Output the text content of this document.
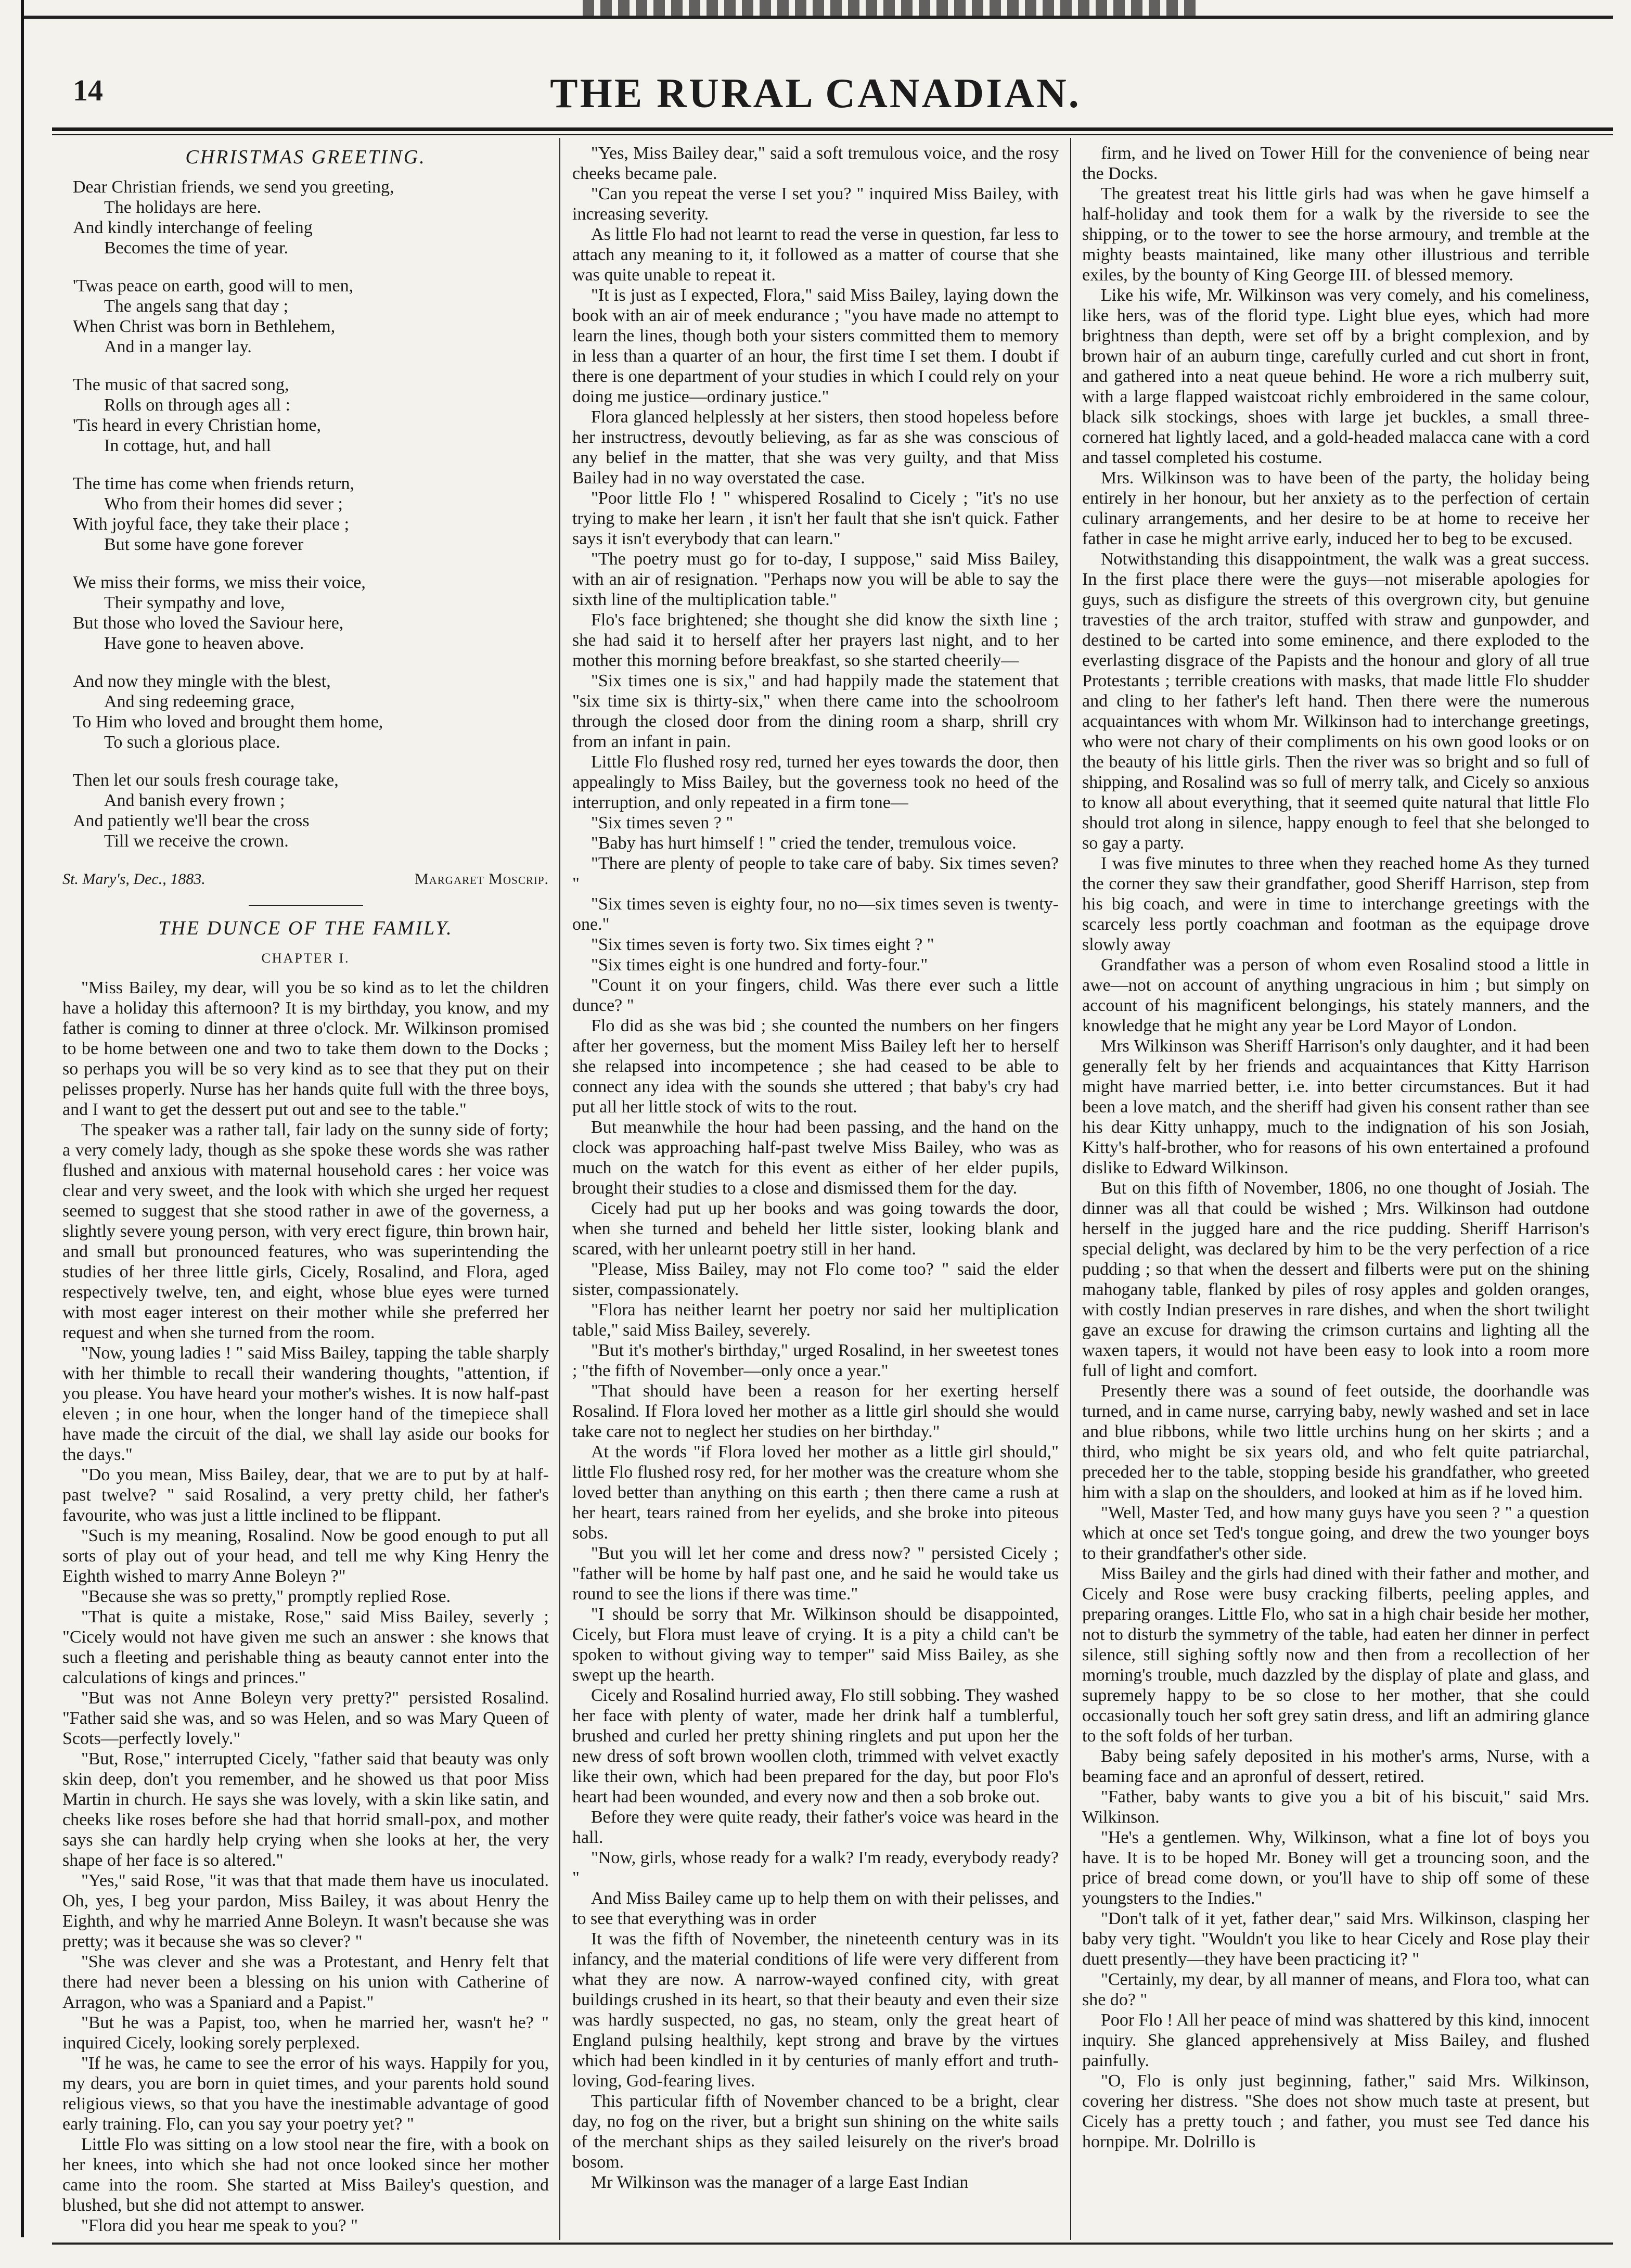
14	THE RURAL CANADIAN.
CHRISTMAS GREETING.

Dear Christian friends, we send you greeting,

The holidays are here.

And kindly interchange of feeling

Becomes the time of year.

'Twas peace on earth, good will to men,

The angels sang that day ;

When Christ was born in Bethlehem,

And in a manger lay.

The music of that sacred song,

Rolls on through ages all :

'Tis heard in every Christian home,

In cottage, hut, and hall

The time has come when friends return,

Who from their homes did sever ;

With joyful face, they take their place ;

But some have gone forever

We miss their forms, we miss their voice,

Their sympathy and love,

But those who loved the Saviour here,

Have gone to heaven above.

And now they mingle with the blest,

And sing redeeming grace,

To Him who loved and brought them home,

To such a glorious place.

Then let our souls fresh courage take,

And banish every frown ;

And patiently we'll bear the cross

Till we receive the crown.

St. Mary's, Dec., 1883.	Margaret Moscrip.
THE DUNCE OF THE FAMILY.
CHAPTER I.

"Miss Bailey, my dear, will you be so kind as to let the children have a holiday this afternoon? It is my birthday, you know, and my father is coming to dinner at three o'clock. Mr. Wilkinson promised to be home between one and two to take them down to the Docks ; so perhaps you will be so very kind as to see that they put on their pelisses properly. Nurse has her hands quite full with the three boys, and I want to get the dessert put out and see to the table."

The speaker was a rather tall, fair lady on the sunny side of forty; a very comely lady, though as she spoke these words she was rather flushed and anxious with maternal household cares : her voice was clear and very sweet, and the look with which she urged her request seemed to suggest that she stood rather in awe of the governess, a slightly severe young person, with very erect figure, thin brown hair, and small but pronounced features, who was superintending the studies of her three little girls, Cicely, Rosalind, and Flora, aged respectively twelve, ten, and eight, whose blue eyes were turned with most eager interest on their mother while she preferred her request and when she turned from the room.

"Now, young ladies ! " said Miss Bailey, tapping the table sharply with her thimble to recall their wandering thoughts, "attention, if you please. You have heard your mother's wishes. It is now half-past eleven ; in one hour, when the longer hand of the timepiece shall have made the circuit of the dial, we shall lay aside our books for the days."

"Do you mean, Miss Bailey, dear, that we are to put by at half-past twelve? " said Rosalind, a very pretty child, her father's favourite, who was just a little inclined to be flippant.

"Such is my meaning, Rosalind. Now be good enough to put all sorts of play out of your head, and tell me why King Henry the Eighth wished to marry Anne Boleyn ?"

"Because she was so pretty," promptly replied Rose.

"That is quite a mistake, Rose," said Miss Bailey, severly ; "Cicely would not have given me such an answer : she knows that such a fleeting and perishable thing as beauty cannot enter into the calculations of kings and princes."

"But was not Anne Boleyn very pretty?" persisted Rosalind. "Father said she was, and so was Helen, and so was Mary Queen of Scots—perfectly lovely."

"But, Rose," interrupted Cicely, "father said that beauty was only skin deep, don't you remember, and he showed us that poor Miss Martin in church. He says she was lovely, with a skin like satin, and cheeks like roses before she had that horrid small-pox, and mother says she can hardly help crying when she looks at her, the very shape of her face is so altered."

"Yes," said Rose, "it was that that made them have us inoculated. Oh, yes, I beg your pardon, Miss Bailey, it was about Henry the Eighth, and why he married Anne Boleyn. It wasn't because she was pretty; was it because she was so clever? "

"She was clever and she was a Protestant, and Henry felt that there had never been a blessing on his union with Catherine of Arragon, who was a Spaniard and a Papist."

"But he was a Papist, too, when he married her, wasn't he? " inquired Cicely, looking sorely perplexed.

"If he was, he came to see the error of his ways. Happily for you, my dears, you are born in quiet times, and your parents hold sound religious views, so that you have the inestimable advantage of good early training. Flo, can you say your poetry yet? "

Little Flo was sitting on a low stool near the fire, with a book on her knees, into which she had not once looked since her mother came into the room. She started at Miss Bailey's question, and blushed, but she did not attempt to answer.

"Flora did you hear me speak to you? "

"Yes, Miss Bailey dear," said a soft tremulous voice, and the rosy cheeks became pale.

"Can you repeat the verse I set you? " inquired Miss Bailey, with increasing severity.

As little Flo had not learnt to read the verse in question, far less to attach any meaning to it, it followed as a matter of course that she was quite unable to repeat it.

"It is just as I expected, Flora," said Miss Bailey, laying down the book with an air of meek endurance ; "you have made no attempt to learn the lines, though both your sisters committed them to memory in less than a quarter of an hour, the first time I set them. I doubt if there is one department of your studies in which I could rely on your doing me justice—ordinary justice."

Flora glanced helplessly at her sisters, then stood hopeless before her instructress, devoutly believing, as far as she was conscious of any belief in the matter, that she was very guilty, and that Miss Bailey had in no way overstated the case.

"Poor little Flo ! " whispered Rosalind to Cicely ; "it's no use trying to make her learn , it isn't her fault that she isn't quick. Father says it isn't everybody that can learn."

"The poetry must go for to-day, I suppose," said Miss Bailey, with an air of resignation. "Perhaps now you will be able to say the sixth line of the multiplication table."

Flo's face brightened; she thought she did know the sixth line ; she had said it to herself after her prayers last night, and to her mother this morning before breakfast, so she started cheerily—

"Six times one is six," and had happily made the statement that "six time six is thirty-six," when there came into the schoolroom through the closed door from the dining room a sharp, shrill cry from an infant in pain.

Little Flo flushed rosy red, turned her eyes towards the door, then appealingly to Miss Bailey, but the governess took no heed of the interruption, and only repeated in a firm tone—

"Six times seven ? "

"Baby has hurt himself ! " cried the tender, tremulous voice.

"There are plenty of people to take care of baby. Six times seven? "

"Six times seven is eighty four, no no—six times seven is twenty-one."

"Six times seven is forty two. Six times eight ? "

"Six times eight is one hundred and forty-four."

"Count it on your fingers, child. Was there ever such a little dunce? "

Flo did as she was bid ; she counted the numbers on her fingers after her governess, but the moment Miss Bailey left her to herself she relapsed into incompetence ; she had ceased to be able to connect any idea with the sounds she uttered ; that baby's cry had put all her little stock of wits to the rout.

But meanwhile the hour had been passing, and the hand on the clock was approaching half-past twelve Miss Bailey, who was as much on the watch for this event as either of her elder pupils, brought their studies to a close and dismissed them for the day.

Cicely had put up her books and was going towards the door, when she turned and beheld her little sister, looking blank and scared, with her unlearnt poetry still in her hand.

"Please, Miss Bailey, may not Flo come too? " said the elder sister, compassionately.

"Flora has neither learnt her poetry nor said her multiplication table," said Miss Bailey, severely.

"But it's mother's birthday," urged Rosalind, in her sweetest tones ; "the fifth of November—only once a year."

"That should have been a reason for her exerting herself Rosalind. If Flora loved her mother as a little girl should she would take care not to neglect her studies on her birthday."

At the words "if Flora loved her mother as a little girl should," little Flo flushed rosy red, for her mother was the creature whom she loved better than anything on this earth ; then there came a rush at her heart, tears rained from her eyelids, and she broke into piteous sobs.

"But you will let her come and dress now? " persisted Cicely ; "father will be home by half past one, and he said he would take us round to see the lions if there was time."

"I should be sorry that Mr. Wilkinson should be disappointed, Cicely, but Flora must leave of crying. It is a pity a child can't be spoken to without giving way to temper" said Miss Bailey, as she swept up the hearth.

Cicely and Rosalind hurried away, Flo still sobbing. They washed her face with plenty of water, made her drink half a tumblerful, brushed and curled her pretty shining ringlets and put upon her the new dress of soft brown woollen cloth, trimmed with velvet exactly like their own, which had been prepared for the day, but poor Flo's heart had been wounded, and every now and then a sob broke out.

Before they were quite ready, their father's voice was heard in the hall.

"Now, girls, whose ready for a walk? I'm ready, everybody ready? "

And Miss Bailey came up to help them on with their pelisses, and to see that everything was in order

It was the fifth of November, the nineteenth century was in its infancy, and the material conditions of life were very different from what they are now. A narrow-wayed confined city, with great buildings crushed in its heart, so that their beauty and even their size was hardly suspected, no gas, no steam, only the great heart of England pulsing healthily, kept strong and brave by the virtues which had been kindled in it by centuries of manly effort and truth-loving, God-fearing lives.

This particular fifth of November chanced to be a bright, clear day, no fog on the river, but a bright sun shining on the white sails of the merchant ships as they sailed leisurely on the river's broad bosom.

Mr Wilkinson was the manager of a large East Indian

firm, and he lived on Tower Hill for the convenience of being near the Docks.

The greatest treat his little girls had was when he gave himself a half-holiday and took them for a walk by the riverside to see the shipping, or to the tower to see the horse armoury, and tremble at the mighty beasts maintained, like many other illustrious and terrible exiles, by the bounty of King George III. of blessed memory.

Like his wife, Mr. Wilkinson was very comely, and his comeliness, like hers, was of the florid type. Light blue eyes, which had more brightness than depth, were set off by a bright complexion, and by brown hair of an auburn tinge, carefully curled and cut short in front, and gathered into a neat queue behind. He wore a rich mulberry suit, with a large flapped waistcoat richly embroidered in the same colour, black silk stockings, shoes with large jet buckles, a small three-cornered hat lightly laced, and a gold-headed malacca cane with a cord and tassel completed his costume.

Mrs. Wilkinson was to have been of the party, the holiday being entirely in her honour, but her anxiety as to the perfection of certain culinary arrangements, and her desire to be at home to receive her father in case he might arrive early, induced her to beg to be excused.

Notwithstanding this disappointment, the walk was a great success. In the first place there were the guys—not miserable apologies for guys, such as disfigure the streets of this overgrown city, but genuine travesties of the arch traitor, stuffed with straw and gunpowder, and destined to be carted into some eminence, and there exploded to the everlasting disgrace of the Papists and the honour and glory of all true Protestants ; terrible creations with masks, that made little Flo shudder and cling to her father's left hand. Then there were the numerous acquaintances with whom Mr. Wilkinson had to interchange greetings, who were not chary of their compliments on his own good looks or on the beauty of his little girls. Then the river was so bright and so full of shipping, and Rosalind was so full of merry talk, and Cicely so anxious to know all about everything, that it seemed quite natural that little Flo should trot along in silence, happy enough to feel that she belonged to so gay a party.

I was five minutes to three when they reached home As they turned the corner they saw their grandfather, good Sheriff Harrison, step from his big coach, and were in time to interchange greetings with the scarcely less portly coachman and footman as the equipage drove slowly away

Grandfather was a person of whom even Rosalind stood a little in awe—not on account of anything ungracious in him ; but simply on account of his magnificent belongings, his stately manners, and the knowledge that he might any year be Lord Mayor of London.

Mrs Wilkinson was Sheriff Harrison's only daughter, and it had been generally felt by her friends and acquaintances that Kitty Harrison might have married better, i.e. into better circumstances. But it had been a love match, and the sheriff had given his consent rather than see his dear Kitty unhappy, much to the indignation of his son Josiah, Kitty's half-brother, who for reasons of his own entertained a profound dislike to Edward Wilkinson.

But on this fifth of November, 1806, no one thought of Josiah. The dinner was all that could be wished ; Mrs. Wilkinson had outdone herself in the jugged hare and the rice pudding. Sheriff Harrison's special delight, was declared by him to be the very perfection of a rice pudding ; so that when the dessert and filberts were put on the shining mahogany table, flanked by piles of rosy apples and golden oranges, with costly Indian preserves in rare dishes, and when the short twilight gave an excuse for drawing the crimson curtains and lighting all the waxen tapers, it would not have been easy to look into a room more full of light and comfort.

Presently there was a sound of feet outside, the doorhandle was turned, and in came nurse, carrying baby, newly washed and set in lace and blue ribbons, while two little urchins hung on her skirts ; and a third, who might be six years old, and who felt quite patriarchal, preceded her to the table, stopping beside his grandfather, who greeted him with a slap on the shoulders, and looked at him as if he loved him.

"Well, Master Ted, and how many guys have you seen ? " a question which at once set Ted's tongue going, and drew the two younger boys to their grandfather's other side.

Miss Bailey and the girls had dined with their father and mother, and Cicely and Rose were busy cracking filberts, peeling apples, and preparing oranges. Little Flo, who sat in a high chair beside her mother, not to disturb the symmetry of the table, had eaten her dinner in perfect silence, still sighing softly now and then from a recollection of her morning's trouble, much dazzled by the display of plate and glass, and supremely happy to be so close to her mother, that she could occasionally touch her soft grey satin dress, and lift an admiring glance to the soft folds of her turban.

Baby being safely deposited in his mother's arms, Nurse, with a beaming face and an apronful of dessert, retired.

"Father, baby wants to give you a bit of his biscuit," said Mrs. Wilkinson.

"He's a gentlemen. Why, Wilkinson, what a fine lot of boys you have. It is to be hoped Mr. Boney will get a trouncing soon, and the price of bread come down, or you'll have to ship off some of these youngsters to the Indies."

"Don't talk of it yet, father dear," said Mrs. Wilkinson, clasping her baby very tight. "Wouldn't you like to hear Cicely and Rose play their duett presently—they have been practicing it? "

"Certainly, my dear, by all manner of means, and Flora too, what can she do? "

Poor Flo ! All her peace of mind was shattered by this kind, innocent inquiry. She glanced apprehensively at Miss Bailey, and flushed painfully.

"O, Flo is only just beginning, father," said Mrs. Wilkinson, covering her distress. "She does not show much taste at present, but Cicely has a pretty touch ; and father, you must see Ted dance his hornpipe. Mr. Dolrillo is
